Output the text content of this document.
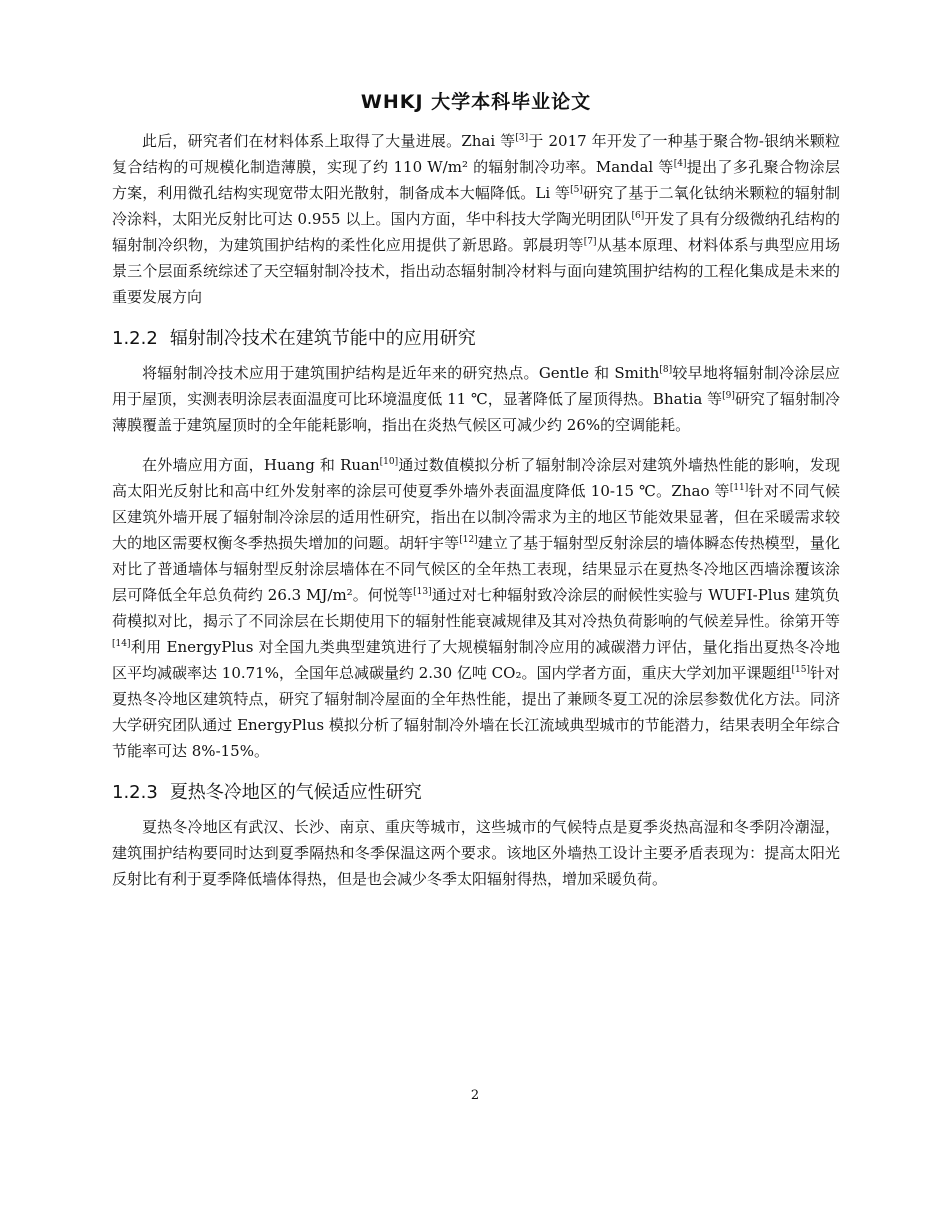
WHKJ 大学本科毕业论文

此后，研究者们在材料体系上取得了大量进展。Zhai 等[3]于 2017 年开发了一种基于聚合物-银纳米颗粒复合结构的可规模化制造薄膜，实现了约 110 W/m² 的辐射制冷功率。Mandal 等[4]提出了多孔聚合物涂层方案，利用微孔结构实现宽带太阳光散射，制备成本大幅降低。Li 等[5]研究了基于二氧化钛纳米颗粒的辐射制冷涂料，太阳光反射比可达 0.955 以上。国内方面，华中科技大学陶光明团队[6]开发了具有分级微纳孔结构的辐射制冷织物，为建筑围护结构的柔性化应用提供了新思路。郭晨玥等[7]从基本原理、材料体系与典型应用场景三个层面系统综述了天空辐射制冷技术，指出动态辐射制冷材料与面向建筑围护结构的工程化集成是未来的重要发展方向

1.2.2 辐射制冷技术在建筑节能中的应用研究

将辐射制冷技术应用于建筑围护结构是近年来的研究热点。Gentle 和 Smith[8]较早地将辐射制冷涂层应用于屋顶，实测表明涂层表面温度可比环境温度低 11 ℃，显著降低了屋顶得热。Bhatia 等[9]研究了辐射制冷薄膜覆盖于建筑屋顶时的全年能耗影响，指出在炎热气候区可减少约 26%的空调能耗。

在外墙应用方面，Huang 和 Ruan[10]通过数值模拟分析了辐射制冷涂层对建筑外墙热性能的影响，发现高太阳光反射比和高中红外发射率的涂层可使夏季外墙外表面温度降低 10-15 ℃。Zhao 等[11]针对不同气候区建筑外墙开展了辐射制冷涂层的适用性研究，指出在以制冷需求为主的地区节能效果显著，但在采暖需求较大的地区需要权衡冬季热损失增加的问题。胡轩宇等[12]建立了基于辐射型反射涂层的墙体瞬态传热模型，量化对比了普通墙体与辐射型反射涂层墙体在不同气候区的全年热工表现，结果显示在夏热冬冷地区西墙涂覆该涂层可降低全年总负荷约 26.3 MJ/m²。何悦等[13]通过对七种辐射致冷涂层的耐候性实验与 WUFI-Plus 建筑负荷模拟对比，揭示了不同涂层在长期使用下的辐射性能衰减规律及其对冷热负荷影响的气候差异性。徐第开等[14]利用 EnergyPlus 对全国九类典型建筑进行了大规模辐射制冷应用的减碳潜力评估，量化指出夏热冬冷地区平均减碳率达 10.71%，全国年总减碳量约 2.30 亿吨 CO₂。国内学者方面，重庆大学刘加平课题组[15]针对夏热冬冷地区建筑特点，研究了辐射制冷屋面的全年热性能，提出了兼顾冬夏工况的涂层参数优化方法。同济大学研究团队通过 EnergyPlus 模拟分析了辐射制冷外墙在长江流域典型城市的节能潜力，结果表明全年综合节能率可达 8%-15%。

1.2.3 夏热冬冷地区的气候适应性研究

夏热冬冷地区有武汉、长沙、南京、重庆等城市，这些城市的气候特点是夏季炎热高湿和冬季阴冷潮湿，建筑围护结构要同时达到夏季隔热和冬季保温这两个要求。该地区外墙热工设计主要矛盾表现为：提高太阳光反射比有利于夏季降低墙体得热，但是也会减少冬季太阳辐射得热，增加采暖负荷。

2
